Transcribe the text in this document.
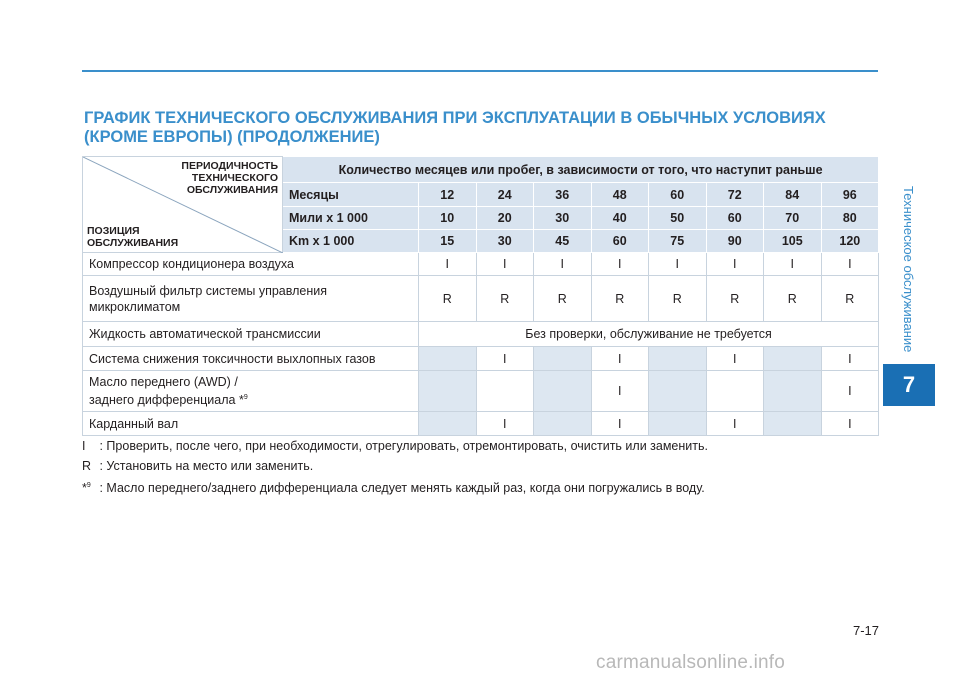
ГРАФИК ТЕХНИЧЕСКОГО ОБСЛУЖИВАНИЯ ПРИ ЭКСПЛУАТАЦИИ В ОБЫЧНЫХ УСЛОВИЯХ
(КРОМЕ ЕВРОПЫ) (ПРОДОЛЖЕНИЕ)
Техническое обслуживание
7
ПЕРИОДИЧНОСТЬ
ТЕХНИЧЕСКОГО
ОБСЛУЖИВАНИЯ
ПОЗИЦИЯ
ОБСЛУЖИВАНИЯ	Количество месяцев или пробег, в зависимости от того, что наступит раньше								
	Месяцы	12	24	36	48	60	72	84	96
	Мили x 1 000	10	20	30	40	50	60	70	80
	Km x 1 000	15	30	45	60	75	90	105	120
Компрессор кондиционера воздуха		I	I	I	I	I	I	I	I

Воздушный фильтр системы управления
микроклиматом		R	R	R	R	R	R	R	R
Жидкость автоматической трансмиссии		Без проверки, обслуживание не требуется							
Система снижения токсичности выхлопных газов			I		I		I		I

Масло переднего (AWD) /
заднего дифференциала *$^9$					I				I
Карданный вал			I		I		I		I
I : Проверить, после чего, при необходимости, отрегулировать, отремонтировать, очистить или заменить.
R : Установить на место или заменить.
*$^9$ : Масло переднего/заднего дифференциала следует менять каждый раз, когда они погружались в воду.
7-17
carmanualsonline.info
